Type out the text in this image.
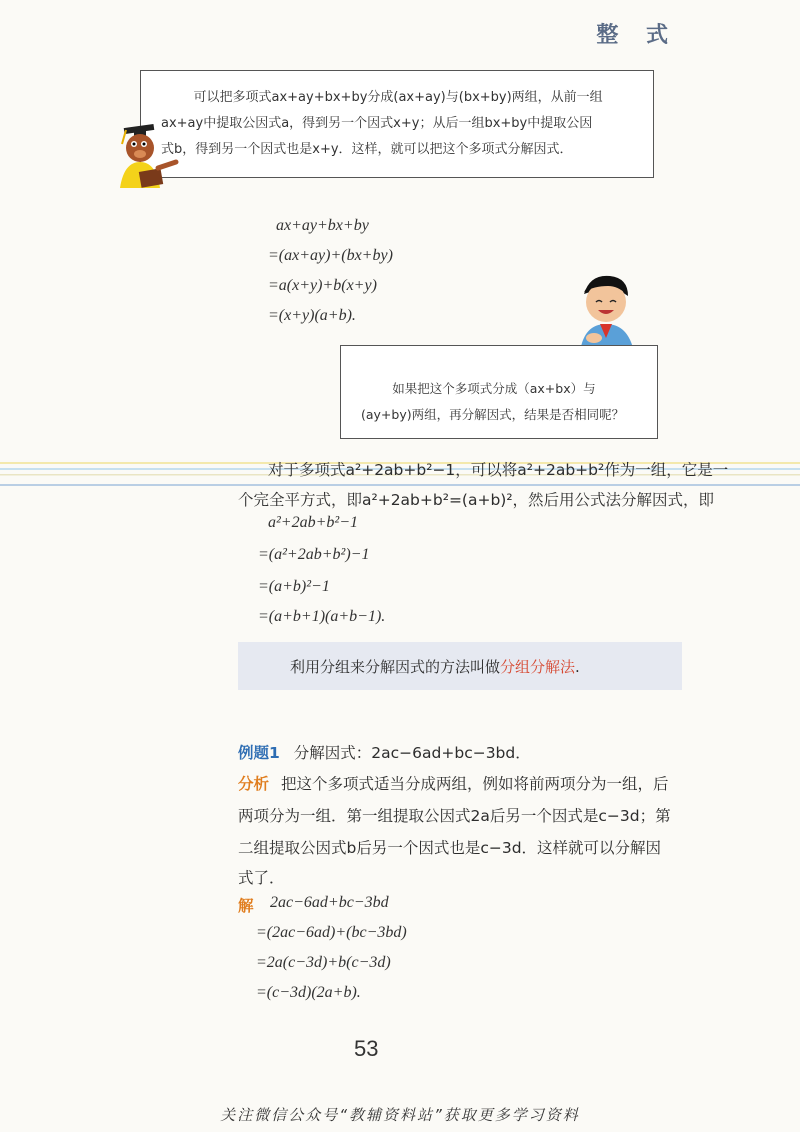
整 式
可以把多项式ax+ay+bx+by分成(ax+ay)与(bx+by)两组，从前一组
ax+ay中提取公因式a，得到另一个因式x+y；从后一组bx+by中提取公因
式b，得到另一个因式也是x+y．这样，就可以把这个多项式分解因式．
ax+ay+bx+by
=(ax+ay)+(bx+by)
=a(x+y)+b(x+y)
=(x+y)(a+b).
如果把这个多项式分成（ax+bx）与
(ay+by)两组，再分解因式，结果是否相同呢？
对于多项式a²+2ab+b²−1，可以将a²+2ab+b²作为一组，它是一
个完全平方式，即a²+2ab+b²=(a+b)²，然后用公式法分解因式，即
a²+2ab+b²−1
=(a²+2ab+b²)−1
=(a+b)²−1
=(a+b+1)(a+b−1).
利用分组来分解因式的方法叫做分组分解法.
例题1 分解因式：2ac−6ad+bc−3bd．
分析 把这个多项式适当分成两组，例如将前两项分为一组，后
两项分为一组．第一组提取公因式2a后另一个因式是c−3d；第
二组提取公因式b后另一个因式也是c−3d．这样就可以分解因
式了．
解 2ac−6ad+bc−3bd
=(2ac−6ad)+(bc−3bd)
=2a(c−3d)+b(c−3d)
=(c−3d)(2a+b).
53
关注微信公众号“教辅资料站”获取更多学习资料
